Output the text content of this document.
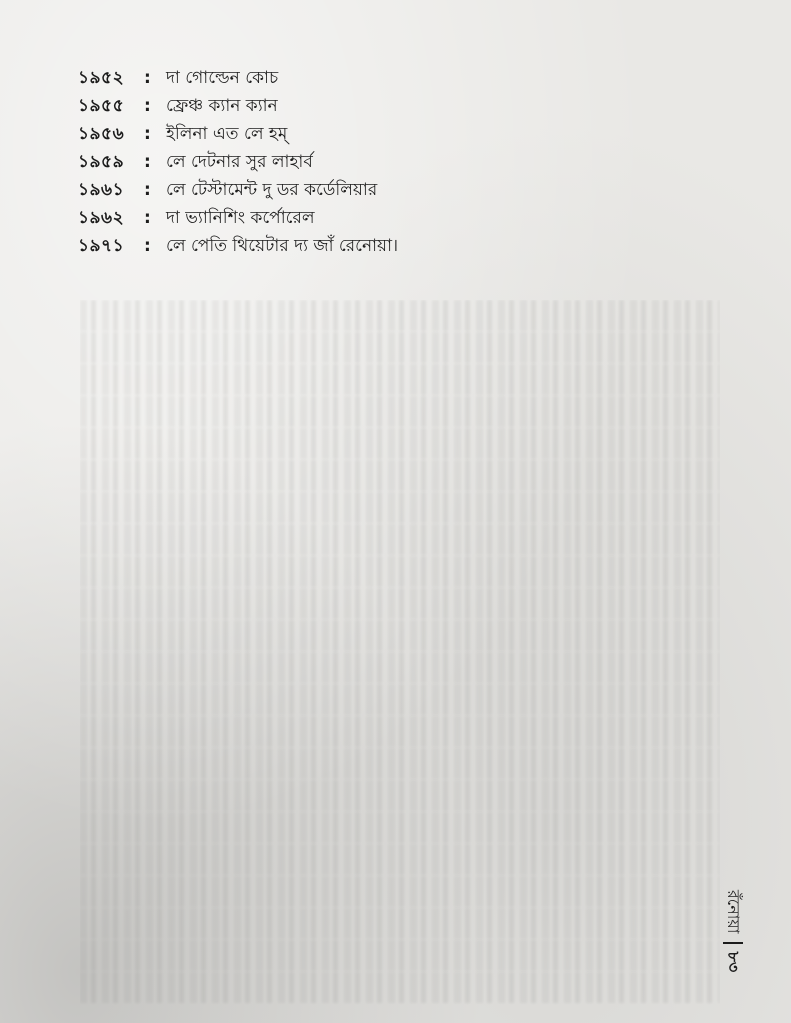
১৯৫২	: দা গোল্ডেন কোচ
১৯৫৫	: ফ্রেঞ্চ ক্যান ক্যান
১৯৫৬	: ইলিনা এত লে হম্‌
১৯৫৯	: লে দেটনার সুর লাহার্ব
১৯৬১	: লে টেস্টামেন্ট দু ডর কর্ডেলিয়ার
১৯৬২	: দা ভ্যানিশিং কর্পোরেল
১৯৭১	: লে পেতি থিয়েটার দ্য জাঁ রেনোয়া।
রঁনোয়া
৮৩
